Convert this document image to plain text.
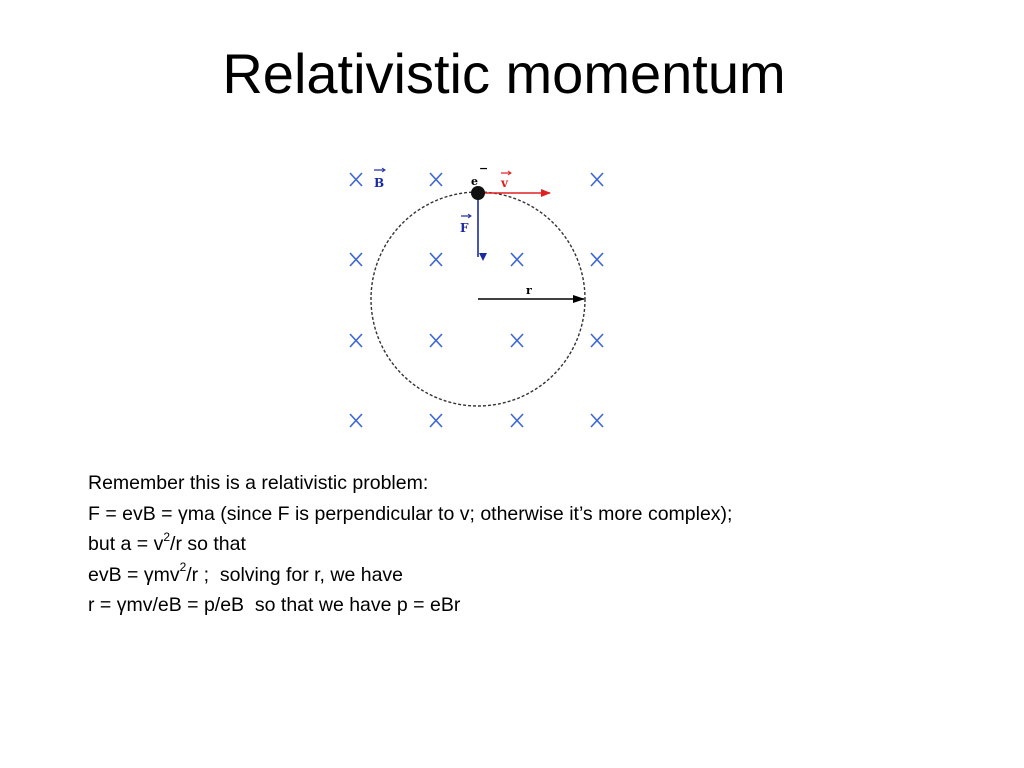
Relativistic momentum
B
F
v
−
e
r
Remember this is a relativistic problem:
F = evB = γma (since F is perpendicular to v; otherwise it’s more complex);
but $a = v^2/r$ so that
evB = γmv$^2$/r ;  solving for r, we have
r = γmv/eB = p/eB  so that we have p = eBr
